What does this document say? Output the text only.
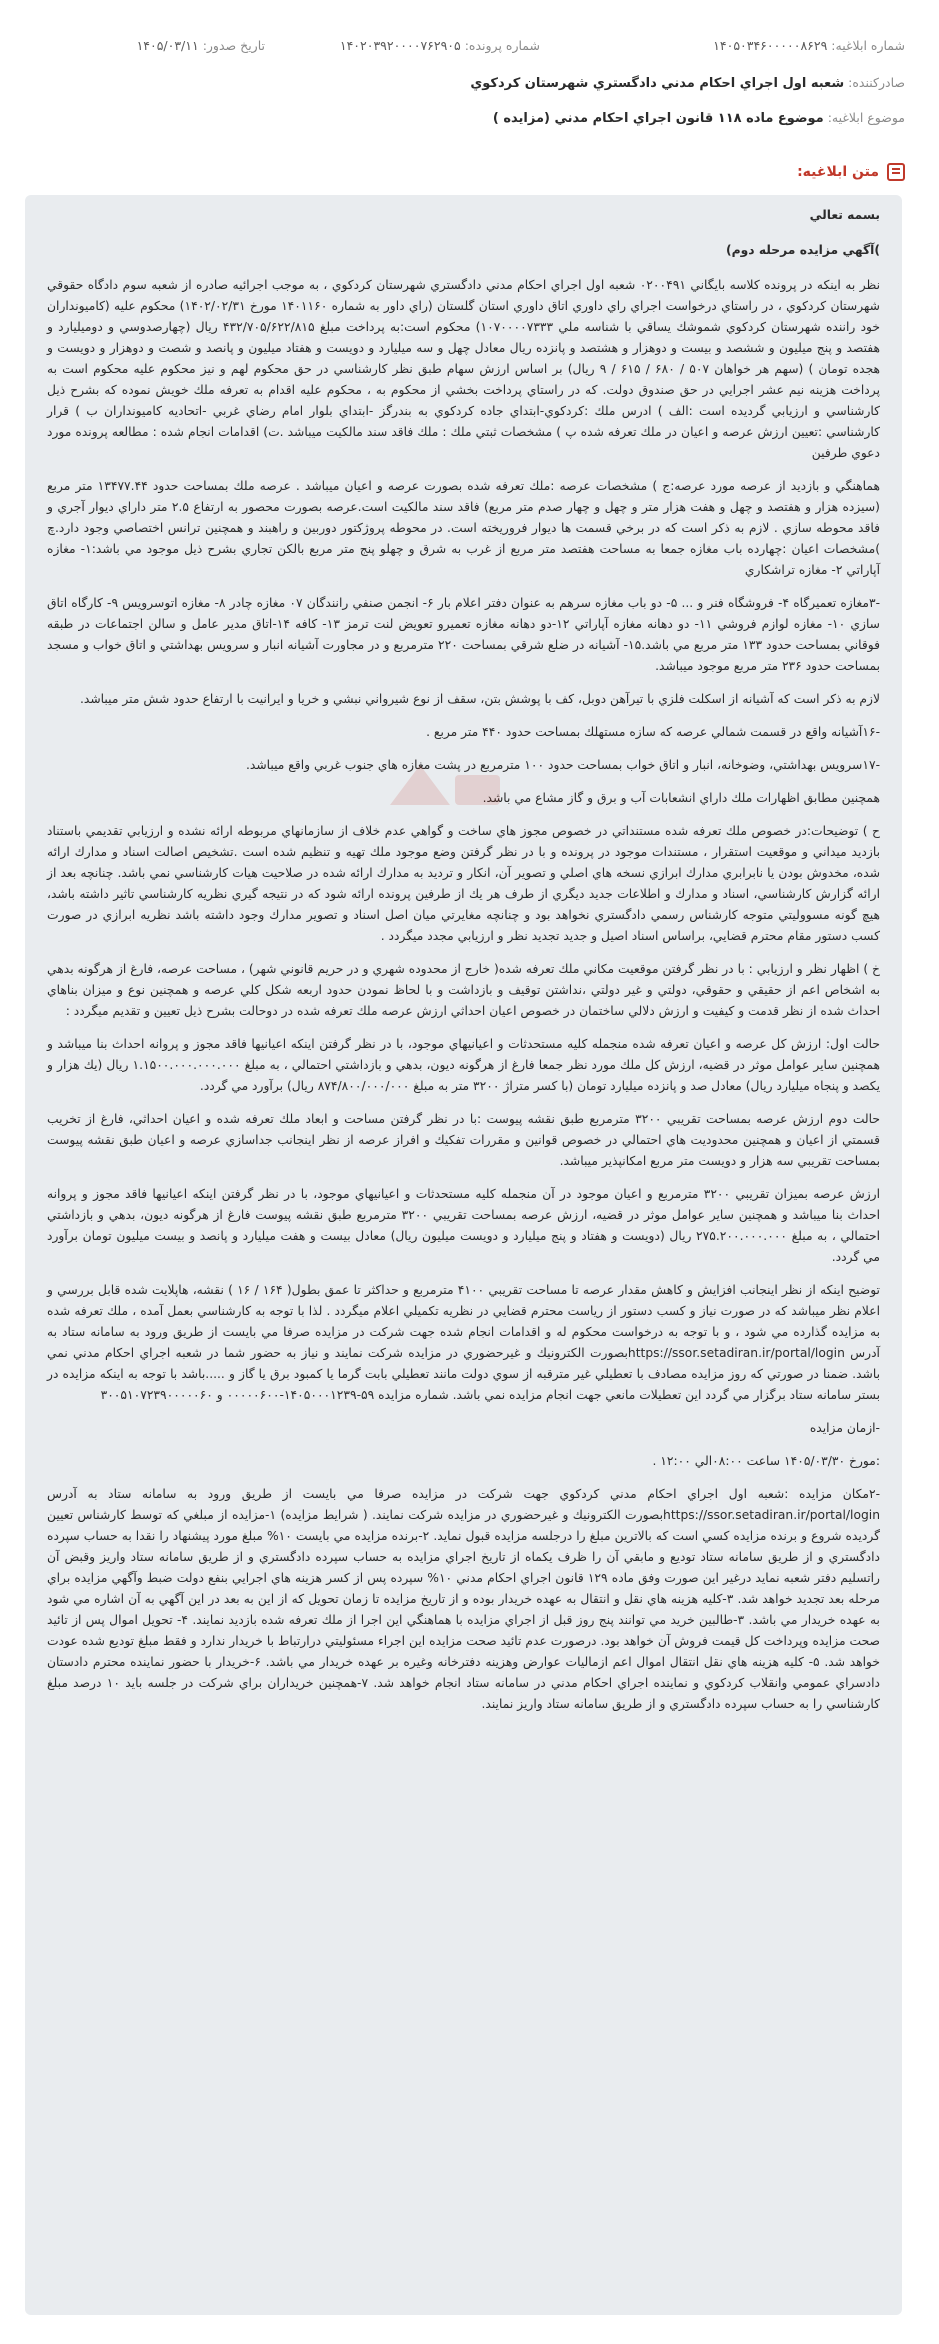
شماره ابلاغیه: ۱۴۰۵۰۳۴۶۰۰۰۰۰۸۶۲۹
شماره پرونده: ۱۴۰۲۰۳۹۲۰۰۰۰۷۶۲۹۰۵
تاریخ صدور: ۱۴۰۵/۰۳/۱۱
صادرکننده: شعبه اول اجراي احكام مدني دادگستري شهرستان كردكوي
موضوع ابلاغیه: موضوع ماده ۱۱۸ قانون اجراي احكام مدني (مزايده )
متن ابلاغیه:

بسمه تعالي

)آگهي مزايده مرحله دوم)

نظر به اينكه در پرونده كلاسه بايگاني ۰۲۰۰۴۹۱ شعبه اول اجراي احكام مدني دادگستري شهرستان كردكوي ، به موجب اجرائيه صادره از شعبه سوم دادگاه حقوقي شهرستان كردكوي ، در راستاي درخواست اجراي راي داوري اتاق داوري استان گلستان (راي داور به شماره ۱۴۰۱۱۶۰ مورخ ۱۴۰۲/۰۲/۳۱) محكوم عليه (كاميونداران خود راننده شهرستان كردكوي شموشك يساقي با شناسه ملي ۱۰۷۰۰۰۰۷۳۳۳) محكوم است:به پرداخت مبلغ ۴۳۲/۷۰۵/۶۲۲/۸۱۵ ريال (چهارصدوسي و دوميليارد و هفتصد و پنج ميليون و ششصد و بيست و دوهزار و هشتصد و پانزده ريال معادل چهل و سه ميليارد و دويست و هفتاد ميليون و پانصد و شصت و دوهزار و دويست و هجده تومان ) (سهم هر خواهان ۵۰۷ / ۶۸۰ / ۶۱۵ / ۹ ريال) بر اساس ارزش سهام طبق نظر كارشناسي در حق محكوم لهم و نيز محكوم عليه محكوم است به پرداخت هزينه نيم عشر اجرايي در حق صندوق دولت. كه در راستاي پرداخت بخشي از محكوم به ، محكوم عليه اقدام به تعرفه ملك خويش نموده كه بشرح ذيل كارشناسي و ارزيابي گرديده است :الف ) ادرس ملك :كردكوي-ابتداي جاده كردكوي به بندرگز -ابتداي بلوار امام رضاي غربي -اتحاديه كاميونداران ب ) قرار كارشناسي :تعيين ارزش عرصه و اعيان در ملك تعرفه شده پ ) مشخصات ثبتي ملك : ملك فاقد سند مالكيت ميباشد .ت) اقدامات انجام شده : مطالعه پرونده مورد دعوي طرفين

هماهنگي و بازديد از عرصه مورد عرصه:ج ) مشخصات عرصه :ملك تعرفه شده بصورت عرصه و اعيان ميباشد . عرصه ملك بمساحت حدود ۱۳۴۷۷.۴۴ متر مربع (سيزده هزار و هفتصد و چهل و هفت هزار متر و چهل و چهار صدم متر مربع) فاقد سند مالكيت است.عرصه بصورت محصور به ارتفاع ۲.۵ متر داراي ديوار آجري و فاقد محوطه سازي . لازم به ذكر است كه در برخي قسمت ها ديوار فروريخته است. در محوطه پروژكتور دوربين و راهبند و همچنين ترانس اختصاصي وجود دارد.چ )مشخصات اعيان :چهارده باب مغازه جمعا به مساحت هفتصد متر مربع از غرب به شرق و چهلو پنج متر مربع بالكن تجاري بشرح ذيل موجود مي باشد:۱- مغازه آپاراتي ۲- مغازه تراشكاري

-۳مغازه تعميرگاه ۴- فروشگاه فنر و ... ۵- دو باب مغازه سرهم به عنوان دفتر اعلام بار ۶- انجمن صنفي رانندگان ۰۷ مغازه چادر ۸- مغازه اتوسرويس ۹- كارگاه اتاق سازي ۱۰- مغازه لوازم فروشي ۱۱- دو دهانه مغازه آپاراتي ۱۲-دو دهانه مغازه تعميرو تعويض لنت ترمز ۱۳- كافه ۱۴-اتاق مدير عامل و سالن اجتماعات در طبقه فوقاني بمساحت حدود ۱۳۳ متر مربع مي باشد.۱۵- آشيانه در ضلع شرقي بمساحت ۲۲۰ مترمربع و در مجاورت آشيانه انبار و سرويس بهداشتي و اتاق خواب و مسجد بمساحت حدود ۲۳۶ متر مربع موجود ميباشد.

لازم به ذكر است كه آشيانه از اسكلت فلزي با تيرآهن دوبل، كف با پوشش بتن، سقف از نوع شيرواني نبشي و خريا و ايرانيت با ارتفاع حدود شش متر ميباشد.

-۱۶آشيانه واقع در قسمت شمالي عرصه كه سازه مستهلك بمساحت حدود ۴۴۰ متر مربع .

-۱۷سرويس بهداشتي، وضوخانه، انبار و اتاق خواب بمساحت حدود ۱۰۰ مترمربع در پشت مغازه هاي جنوب غربي واقع ميباشد.

همچنين مطابق اظهارات ملك داراي انشعابات آب و برق و گاز مشاع مي باشد.

ح ) توضيحات:در خصوص ملك تعرفه شده مستنداتي در خصوص مجوز هاي ساخت و گواهي عدم خلاف از سازمانهاي مربوطه ارائه نشده و ارزيابي تقديمي باستناد بازديد ميداني و موقعيت استقرار ، مستندات موجود در پرونده و با در نظر گرفتن وضع موجود ملك تهيه و تنظيم شده است .تشخيص اصالت اسناد و مدارك ارائه شده، مخدوش بودن يا نابرابري مدارك ابرازي نسخه هاي اصلي و تصوير آن، انكار و ترديد به مدارك ارائه شده در صلاحيت هيات كارشناسي نمي باشد. چنانچه بعد از ارائه گزارش كارشناسي، اسناد و مدارك و اطلاعات جديد ديگري از طرف هر يك از طرفين پرونده ارائه شود كه در نتيجه گيري نظريه كارشناسي تاثير داشته باشد، هيچ گونه مسووليتي متوجه كارشناس رسمي دادگستري نخواهد بود و چنانچه مغايرتي ميان اصل اسناد و تصوير مدارك وجود داشته باشد نظريه ابرازي در صورت كسب دستور مقام محترم قضايي، براساس اسناد اصيل و جديد تجديد نظر و ارزيابي مجدد ميگردد .

خ ) اظهار نظر و ارزيابي : با در نظر گرفتن موقعيت مكاني ملك تعرفه شده( خارج از محدوده شهري و در حريم قانوني شهر) ، مساحت عرصه، فارغ از هرگونه بدهي به اشخاص اعم از حقيقي و حقوقي، دولتي و غير دولتي ،نداشتن توقيف و بازداشت و با لحاظ نمودن حدود اربعه شكل كلي عرصه و همچنين نوع و ميزان بناهاي احداث شده از نظر قدمت و كيفيت و ارزش دلالي ساختمان در خصوص اعيان احداثي ارزش عرصه ملك تعرفه شده در دوحالت بشرح ذيل تعيين و تقديم ميگردد :

حالت اول: ارزش كل عرصه و اعيان تعرفه شده منجمله كليه مستحدثات و اعيانيهاي موجود، با در نظر گرفتن اينكه اعيانيها فاقد مجوز و پروانه احداث بنا ميباشد و همچنين ساير عوامل موثر در قضيه، ارزش كل ملك مورد نظر جمعا فارغ از هرگونه ديون، بدهي و بازداشتي احتمالي ، به مبلغ ۱.۱۵۰۰.۰۰۰.۰۰۰.۰۰۰ ريال (يك هزار و يكصد و پنجاه ميليارد ريال) معادل صد و پانزده ميليارد تومان (با كسر متراژ ۳۲۰۰ متر به مبلغ ۸۷۴/۸۰۰/۰۰۰/۰۰۰ ريال) برآورد مي گردد.

حالت دوم ارزش عرصه بمساحت تقريبي ۳۲۰۰ مترمربع طبق نقشه پيوست :با در نظر گرفتن مساحت و ابعاد ملك تعرفه شده و اعيان احداثي، فارغ از تخريب قسمتي از اعيان و همچنين محدوديت هاي احتمالي در خصوص قوانين و مقررات تفكيك و افراز عرصه از نظر اينجانب جداسازي عرصه و اعيان طبق نقشه پيوست بمساحت تقريبي سه هزار و دويست متر مربع امكانپذير ميباشد.

ارزش عرصه بميزان تقريبي ۳۲۰۰ مترمربع و اعيان موجود در آن منجمله كليه مستحدثات و اعيانيهاي موجود، با در نظر گرفتن اينكه اعيانيها فاقد مجوز و پروانه احداث بنا ميباشد و همچنين ساير عوامل موثر در قضيه، ارزش عرصه بمساحت تقريبي ۳۲۰۰ مترمربع طبق نقشه پيوست فارغ از هرگونه ديون، بدهي و بازداشتي احتمالي ، به مبلغ ۲۷۵.۲۰۰.۰۰۰.۰۰۰ ريال (دويست و هفتاد و پنج ميليارد و دويست ميليون ريال) معادل بيست و هفت ميليارد و پانصد و بيست ميليون تومان برآورد مي گردد.

توضيح اينكه از نظر اينجانب افزايش و كاهش مقدار عرصه تا مساحت تقريبي ۴۱۰۰ مترمربع و حداكثر تا عمق بطول( ۱۶۴ / ۱۶ ) نقشه، هاپلايت شده قابل بررسي و اعلام نظر ميباشد كه در صورت نياز و كسب دستور از رياست محترم قضايي در نظريه تكميلي اعلام ميگردد . لذا با توجه به كارشناسي بعمل آمده ، ملك تعرفه شده به مزايده گذارده مي شود ، و با توجه به درخواست محكوم له و اقدامات انجام شده جهت شركت در مزايده صرفا مي بايست از طريق ورود به سامانه ستاد به آدرس https://ssor.setadiran.ir/portal/loginبصورت الكترونيك و غيرحضوري در مزايده شركت نمايند و نياز به حضور شما در شعبه اجراي احكام مدني نمي باشد. ضمنا در صورتي كه روز مزايده مصادف با تعطيلي غير مترقبه از سوي دولت مانند تعطيلي بابت گرما يا كمبود برق يا گاز و .....باشد با توجه به اينكه مزايده در بستر سامانه ستاد برگزار مي گردد اين تعطيلات مانعي جهت انجام مزايده نمي باشد. شماره مزايده ۵۹-۱۴۰۵۰۰۰۱۲۳۹-۰۰۰۰۰۶۰۰ و ۳۰۰۵۱۰۷۲۳۹۰۰۰۰۰۶۰

-ازمان مزايده

:مورخ ۱۴۰۵/۰۳/۳۰ ساعت ۰۸:۰۰الي ۱۲:۰۰ .

-۲مكان مزايده :شعبه اول اجراي احكام مدني كردكوي جهت شركت در مزايده صرفا مي بايست از طريق ورود به سامانه ستاد به آدرس https://ssor.setadiran.ir/portal/loginبصورت الكترونيك و غيرحضوري در مزايده شركت نمايند. ( شرايط مزايده) ۱-مزايده از مبلغي كه توسط كارشناس تعيين گرديده شروع و برنده مزايده كسي است كه بالاترين مبلغ را درجلسه مزايده قبول نمايد. ۲-برنده مزايده مي بايست ۱۰% مبلغ مورد پيشنهاد را نقدا به حساب سپرده دادگستري و از طريق سامانه ستاد توديع و مابقي آن را ظرف يكماه از تاريخ اجراي مزايده به حساب سپرده دادگستري و از طريق سامانه ستاد واريز وقبض آن راتسليم دفتر شعبه نمايد درغير اين صورت وفق ماده ۱۲۹ قانون اجراي احكام مدني ۱۰% سپرده پس از كسر هزينه هاي اجرايي بنفع دولت ضبط وآگهي مزايده براي مرحله بعد تجديد خواهد شد. ۳-كليه هزينه هاي نقل و انتقال به عهده خريدار بوده و از تاريخ مزايده تا زمان تحويل كه از اين به بعد در اين آگهي به آن اشاره مي شود به عهده خريدار مي باشد. ۳-طالبين خريد مي توانند پنج روز قبل از اجراي مزايده با هماهنگي اين اجرا از ملك تعرفه شده بازديد نمايند. ۴- تحويل اموال پس از تائيد صحت مزايده وپرداخت كل قيمت فروش آن خواهد بود. درصورت عدم تائيد صحت مزايده اين اجراء مسئوليتي درارتباط با خريدار ندارد و فقط مبلغ توديع شده عودت خواهد شد. ۵- كليه هزينه هاي نقل انتقال اموال اعم ازماليات عوارض وهزينه دفترخانه وغيره بر عهده خريدار مي باشد. ۶-خريدار با حضور نماينده محترم دادستان دادسراي عمومي وانقلاب كردكوي و نماينده اجراي احكام مدني در سامانه ستاد انجام خواهد شد. ۷-همچنين خريداران براي شركت در جلسه بايد ۱۰ درصد مبلغ كارشناسي را به حساب سپرده دادگستري و از طريق سامانه ستاد واريز نمايند.
